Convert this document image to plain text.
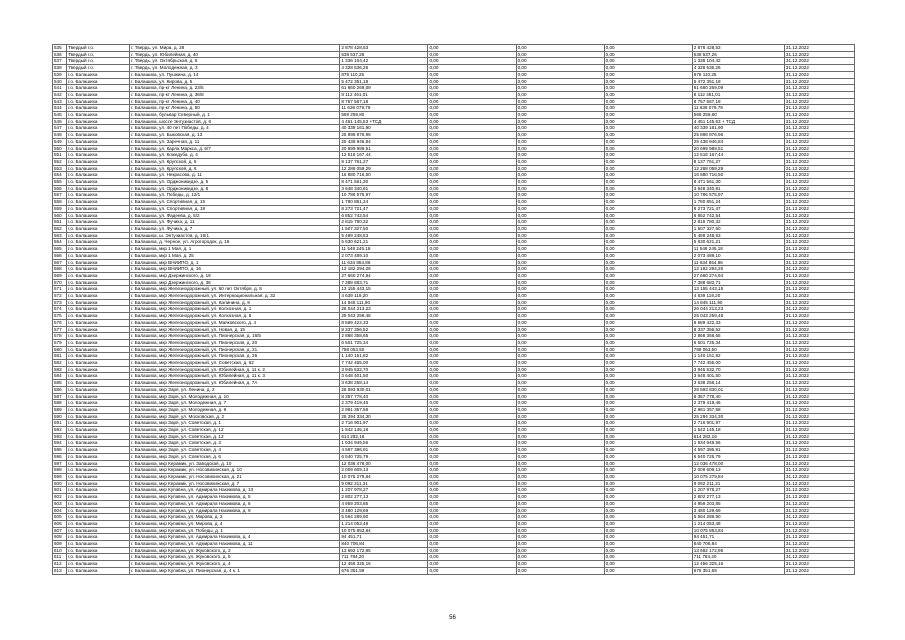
535	Твердый г.о.	г. Твердь, ул. Мира, д. 28	2 878 428,53	0,00	0,00	0,00	2 878 428,53	31.12.2022
536	Твердый г.о.	г. Твердь, ул. Юбилейная, д. 40	538 537,26	0,00	0,00	0,00	538 537,26	31.12.2022
537	Твердый г.о.	г. Твердь, ул. Октябрьская, д. 8	1 336 104,42	0,00	0,00	0,00	1 336 104,42	31.12.2022
538	Твердый г.о.	г. Твердь, ул. Молодежная, д. 3	4 328 536,26	0,00	0,00	0,00	4 328 536,26	31.12.2022
539	г.о. Балашиха	г. Балашиха, ул. Пушкина, д. 14	878 110,25	0,00	0,00	0,00	878 110,25	31.12.2022
540	г.о. Балашиха	г. Балашиха, ул. Кирова, д. 5	5 472 351,18	0,00	0,00	0,00	5 472 351,18	31.12.2022
541	г.о. Балашиха	г. Балашиха, пр-кт Ленина, д. 23/5	61 660 269,09	0,00	0,00	0,00	61 660 269,09	31.12.2022
542	г.о. Балашиха	г. Балашиха, пр-кт Ленина, д. 36/8	8 112 461,01	0,00	0,00	0,00	8 112 461,01	31.12.2022
543	г.о. Балашиха	г. Балашиха, пр-кт Ленина, д. 40	8 757 567,18	0,00	0,00	0,00	8 757 567,18	31.12.2022
544	г.о. Балашиха	г. Балашиха, пр-кт Ленина, д. 50	11 636 079,79	0,00	0,00	0,00	11 636 079,79	31.12.2022
545	г.о. Балашиха	г. Балашиха, бульвар Северный, д. 1	569 259,80	0,00	0,00	0,00	569 259,80	31.12.2022
546	г.о. Балашиха	г. Балашиха, шоссе Энтузиастов, д. 6	4 451 145,53 +ТСД	0,00	0,00	0,00	4 451 145,53 + ТСД	31.12.2022
547	г.о. Балашиха	г. Балашиха, ул. 40 лет Победы, д. 4	40 339 161,90	0,00	0,00	0,00	40 339 161,90	31.12.2022
548	г.о. Балашиха	г. Балашиха, ул. Быковская, д. 13	25 898 876,96	0,00	0,00	0,00	25 898 876,96	31.12.2022
549	г.о. Балашиха	г. Балашиха, ул. Заречная, д. 11	25 438 946,84	0,00	0,00	0,00	25 438 946,84	31.12.2022
550	г.о. Балашиха	г. Балашиха, ул. Карла Маркса, д. 6/7	20 699 989,51	0,00	0,00	0,00	20 699 989,51	31.12.2022
551	г.о. Балашиха	г. Балашиха, ул. Кожедуба, д. 4	12 516 167,44	0,00	0,00	0,00	12 516 167,44	31.12.2022
552	г.о. Балашиха	г. Балашиха, ул. Крупской, д. 5	8 137 761,27	0,00	0,00	0,00	8 137 761,27	31.12.2022
553	г.о. Балашиха	г. Балашиха, ул. Крупской, д. 6	12 288 059,29	0,00	0,00	0,00	12 288 059,29	31.12.2022
554	г.о. Балашиха	г. Балашиха, ул. Некрасова, д. 11	16 880 716,50	0,00	0,00	0,00	16 880 716,50	31.12.2022
555	г.о. Балашиха	г. Балашиха, ул. Орджоникидзе, д. 5	8 471 561,30	0,00	0,00	0,00	8 471 561,30	31.12.2022
556	г.о. Балашиха	г. Балашиха, ул. Орджоникидзе, д. 8	3 648 340,81	0,00	0,00	0,00	3 648 340,81	31.12.2022
557	г.о. Балашиха	г. Балашиха, ул. Победы, д. 12/1	10 786 575,97	0,00	0,00	0,00	10 786 575,97	31.12.2022
558	г.о. Балашиха	г. Балашиха, ул. Спортивная, д. 15	1 780 851,24	0,00	0,00	0,00	1 780 851,24	31.12.2022
559	г.о. Балашиха	г. Балашиха, ул. Спортивная, д. 18	8 273 721,47	0,00	0,00	0,00	8 273 721,47	31.12.2022
560	г.о. Балашиха	г. Балашиха, ул. Фадеева, д. 5/2	6 852 742,54	0,00	0,00	0,00	6 852 742,54	31.12.2022
561	г.о. Балашиха	г. Балашиха, ул. Фучика, д. 11	2 815 780,32	0,00	0,00	0,00	2 815 780,32	31.12.2022
562	г.о. Балашиха	г. Балашиха, ул. Фучика, д. 7	1 507 327,50	0,00	0,00	0,00	1 507 327,50	31.12.2022
563	г.о. Балашиха	г. Балашиха, ш. Энтузиастов, д. 16/1	5 489 248,53	0,00	0,00	0,00	5 489 248,53	31.12.2022
564	г.о. Балашиха	г. Балашиха, д. Черное, ул. Агрогородок, д. 16	5 630 621,21	0,00	0,00	0,00	5 630 621,21	31.12.2022
565	г.о. Балашиха	г. Балашиха, мкр 1 Мая, д. 1	11 548 245,18	0,00	0,00	0,00	11 548 245,18	31.12.2022
566	г.о. Балашиха	г. Балашиха, мкр 1 Мая, д. 25	2 073 489,10	0,00	0,00	0,00	2 073 489,10	31.12.2022
567	г.о. Балашиха	г. Балашиха, мкр ВНИИПО, д. 1	11 634 854,86	0,00	0,00	0,00	11 634 854,86	31.12.2022
568	г.о. Балашиха	г. Балашиха, мкр ВНИИПО, д. 16	12 182 294,26	0,00	0,00	0,00	12 182 294,26	31.12.2022
569	г.о. Балашиха	г. Балашиха, мкр Дзержинского, д. 19	27 660 274,94	0,00	0,00	0,00	27 660 274,94	31.12.2022
570	г.о. Балашиха	г. Балашиха, мкр Дзержинского, д. 36	7 388 683,71	0,00	0,00	0,00	7 388 683,71	31.12.2022
571	г.о. Балашиха	г. Балашиха, мкр Железнодорожный, ул. 60 лет Октября, д. 8	13 155 443,15	0,00	0,00	0,00	13 155 443,15	31.12.2022
572	г.о. Балашиха	г. Балашиха, мкр Железнодорожный, ул. Интернациональная, д. 32	4 639 119,20	0,00	0,00	0,00	4 639 119,20	31.12.2022
573	г.о. Балашиха	г. Балашиха, мкр Железнодорожный, ул. Калинина, д. 9	14 845 111,90	0,00	0,00	0,00	14 845 111,90	31.12.2022
574	г.о. Балашиха	г. Балашиха, мкр Железнодорожный, ул. Колхозная, д. 1	26 044 213,23	0,00	0,00	0,00	26 044 213,23	31.12.2022
575	г.о. Балашиха	г. Балашиха, мкр Железнодорожный, ул. Колхозная, д. 8	25 043 259,48	0,00	0,00	0,00	25 043 259,48	31.12.2022
576	г.о. Балашиха	г. Балашиха, мкр Железнодорожный, ул. Маяковского, д. 4	8 589 422,33	0,00	0,00	0,00	8 589 422,33	31.12.2022
577	г.о. Балашиха	г. Балашиха, мкр Железнодорожный, ул. Новая, д. 15	8 337 356,52	0,00	0,00	0,00	8 337 356,52	31.12.2022
578	г.о. Балашиха	г. Балашиха, мкр Железнодорожный, ул. Пионерская, д. 16/5	2 868 358,65	0,00	0,00	0,00	2 868 358,65	31.12.2022
579	г.о. Балашиха	г. Балашиха, мкр Железнодорожный, ул. Пионерская, д. 20	6 501 725,34	0,00	0,00	0,00	6 501 725,34	31.12.2022
580	г.о. Балашиха	г. Балашиха, мкр Железнодорожный, ул. Пионерская, д. 21	788 053,50	0,00	0,00	0,00	788 053,50	31.12.2022
581	г.о. Балашиха	г. Балашиха, мкр Железнодорожный, ул. Пионерская, д. 26	1 140 151,82	0,00	0,00	0,00	1 140 151,82	31.12.2022
582	г.о. Балашиха	г. Балашиха, мкр Железнодорожный, ул. Советская, д. 52	7 742 455,00	0,00	0,00	0,00	7 742 455,00	31.12.2022
583	г.о. Балашиха	г. Балашиха, мкр Железнодорожный, ул. Юбилейная, д. 11 к. 2	3 945 532,70	0,00	0,00	0,00	3 945 532,70	31.12.2022
584	г.о. Балашиха	г. Балашиха, мкр Железнодорожный, ул. Юбилейная, д. 11 к. 3	3 648 401,50	0,00	0,00	0,00	3 648 401,50	31.12.2022
585	г.о. Балашиха	г. Балашиха, мкр Железнодорожный, ул. Юбилейная, д. 7А	3 638 258,14	0,00	0,00	0,00	3 638 258,14	31.12.2022
586	г.о. Балашиха	г. Балашиха, мкр Заря, ул. Ленина, д. 2	28 593 830,01	0,00	0,00	0,00	28 593 830,01	31.12.2022
587	г.о. Балашиха	г. Балашиха, мкр Заря, ул. Молодежная, д. 10	8 357 778,40	0,00	0,00	0,00	8 357 778,40	31.12.2022
588	г.о. Балашиха	г. Балашиха, мкр Заря, ул. Молодежная, д. 7	2 379 419,46	0,00	0,00	0,00	2 379 419,46	31.12.2022
589	г.о. Балашиха	г. Балашиха, мкр Заря, ул. Молодежная, д. 9	2 981 357,58	0,00	0,00	0,00	2 981 357,58	31.12.2022
590	г.о. Балашиха	г. Балашиха, мкр Заря, ул. Московская, д. 2	25 294 334,30	0,00	0,00	0,00	25 294 334,30	31.12.2022
591	г.о. Балашиха	г. Балашиха, мкр Заря, ул. Советская, д. 1	2 716 901,97	0,00	0,00	0,00	2 716 901,97	31.12.2022
592	г.о. Балашиха	г. Балашиха, мкр Заря, ул. Советская, д. 12	1 542 145,18	0,00	0,00	0,00	1 542 145,18	31.12.2022
593	г.о. Балашиха	г. Балашиха, мкр Заря, ул. Советская, д. 13	614 282,16	0,00	0,00	0,00	614 282,16	31.12.2022
594	г.о. Балашиха	г. Балашиха, мкр Заря, ул. Советская, д. 3	1 934 949,56	0,00	0,00	0,00	1 934 949,56	31.12.2022
595	г.о. Балашиха	г. Балашиха, мкр Заря, ул. Советская, д. 4	4 597 386,91	0,00	0,00	0,00	4 597 386,91	31.12.2022
596	г.о. Балашиха	г. Балашиха, мкр Заря, ул. Советская, д. 6	6 540 725,79	0,00	0,00	0,00	6 540 725,79	31.12.2022
597	г.о. Балашиха	г. Балашиха, мкр Керамик, ул. Заводская, д. 10	12 036 478,00	0,00	0,00	0,00	12 036 478,00	31.12.2022
598	г.о. Балашиха	г. Балашиха, мкр Керамик, ул. Носовихинская, д. 10	2 009 609,13	0,00	0,00	0,00	2 009 609,13	31.12.2022
599	г.о. Балашиха	г. Балашиха, мкр Керамик, ул. Носовихинская, д. 21	10 075 279,84	0,00	0,00	0,00	10 075 279,84	31.12.2022
600	г.о. Балашиха	г. Балашиха, мкр Керамик, ул. Носовихинская, д. 7	9 092 211,31	0,00	0,00	0,00	9 092 211,31	31.12.2022
601	г.о. Балашиха	г. Балашиха, мкр Купавна, ул. Адмирала Нахимова, д. 13	1 207 978,27	0,00	0,00	0,00	1 207 978,27	31.12.2022
602	г.о. Балашиха	г. Балашиха, мкр Купавна, ул. Адмирала Нахимова, д. 5	2 802 277,13	0,00	0,00	0,00	2 802 277,13	31.12.2022
603	г.о. Балашиха	г. Балашиха, мкр Купавна, ул. Адмирала Нахимова, д. 6	4 959 203,85	0,00	0,00	0,00	4 959 203,85	31.12.2022
604	г.о. Балашиха	г. Балашиха, мкр Купавна, ул. Адмирала Нахимова, д. 9	3 480 129,69	0,00	0,00	0,00	3 480 129,69	31.12.2022
605	г.о. Балашиха	г. Балашиха, мкр Купавна, ул. Мирова, д. 3	5 564 289,90	0,00	0,00	0,00	5 564 289,90	31.12.2022
606	г.о. Балашиха	г. Балашиха, мкр Купавна, ул. Мирова, д. 4	1 214 053,48	0,00	0,00	0,00	1 214 053,48	31.12.2022
607	г.о. Балашиха	г. Балашиха, мкр Купавна, ул. Победы, д. 1	10 075 853,84	0,00	0,00	0,00	10 075 853,84	31.12.2022
608	г.о. Балашиха	г. Балашиха, мкр Купавна, ул. Адмирала Нахимова, д. 4	94 451,71	0,00	0,00	0,00	94 451,71	31.12.2022
609	г.о. Балашиха	г. Балашиха, мкр Купавна, ул. Адмирала Нахимова, д. 11	840 706,84	0,00	0,00	0,00	840 706,84	31.12.2022
610	г.о. Балашиха	г. Балашиха, мкр Купавна, ул. Жуковского, д. 3	13 692 172,95	0,00	0,00	0,00	13 692 172,95	31.12.2022
611	г.о. Балашиха	г. Балашиха, мкр Купавна, ул. Жуковского, д. 5	711 784,20	0,00	0,00	0,00	711 784,20	31.12.2022
612	г.о. Балашиха	г. Балашиха, мкр Купавна, ул. Жуковского, д. 4	12 456 325,16	0,00	0,00	0,00	12 456 325,16	31.12.2022
613	г.о. Балашиха	г. Балашиха, мкр Купавна, ул. Пионерская, д. 4 к. 1	676 351,59	0,00	0,00	0,00	676 351,59	31.12.2022
56
